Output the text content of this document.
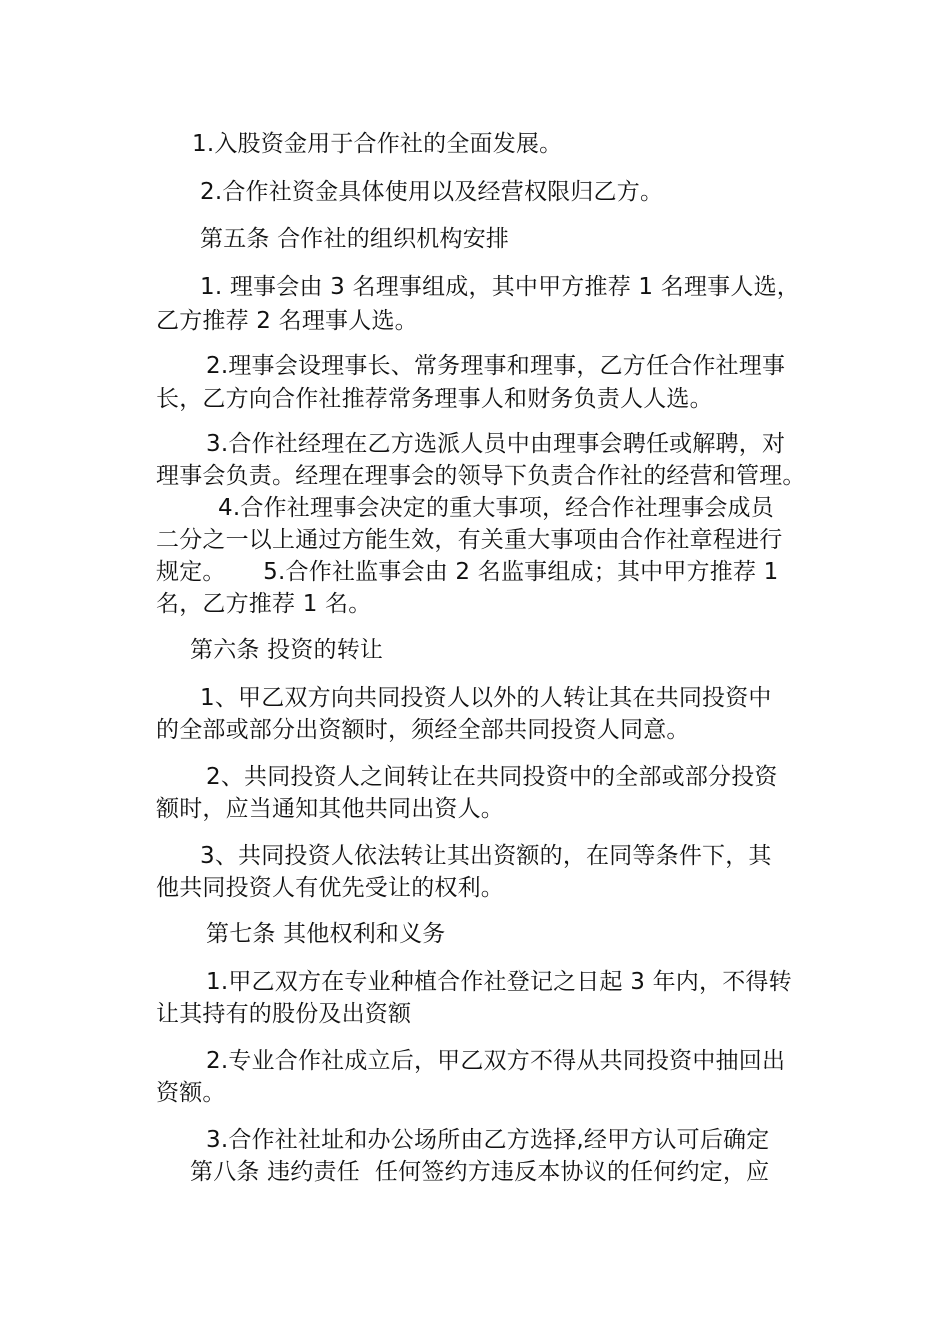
1.入股资金用于合作社的全面发展。
2.合作社资金具体使用以及经营权限归乙方。
第五条 合作社的组织机构安排
1. 理事会由 3 名理事组成，其中甲方推荐 1 名理事人选，
乙方推荐 2 名理事人选。
2.理事会设理事长、常务理事和理事，乙方任合作社理事
长，乙方向合作社推荐常务理事人和财务负责人人选。
3.合作社经理在乙方选派人员中由理事会聘任或解聘，对
理事会负责。经理在理事会的领导下负责合作社的经营和管理。
4.合作社理事会决定的重大事项，经合作社理事会成员
二分之一以上通过方能生效，有关重大事项由合作社章程进行
规定。     5.合作社监事会由 2 名监事组成；其中甲方推荐 1
名，乙方推荐 1 名。
第六条 投资的转让
1、甲乙双方向共同投资人以外的人转让其在共同投资中
的全部或部分出资额时，须经全部共同投资人同意。
2、共同投资人之间转让在共同投资中的全部或部分投资
额时，应当通知其他共同出资人。
3、共同投资人依法转让其出资额的，在同等条件下，其
他共同投资人有优先受让的权利。
第七条 其他权利和义务
1.甲乙双方在专业种植合作社登记之日起 3 年内，不得转
让其持有的股份及出资额
2.专业合作社成立后，甲乙双方不得从共同投资中抽回出
资额。
3.合作社社址和办公场所由乙方选择,经甲方认可后确定
第八条 违约责任  任何签约方违反本协议的任何约定，应
